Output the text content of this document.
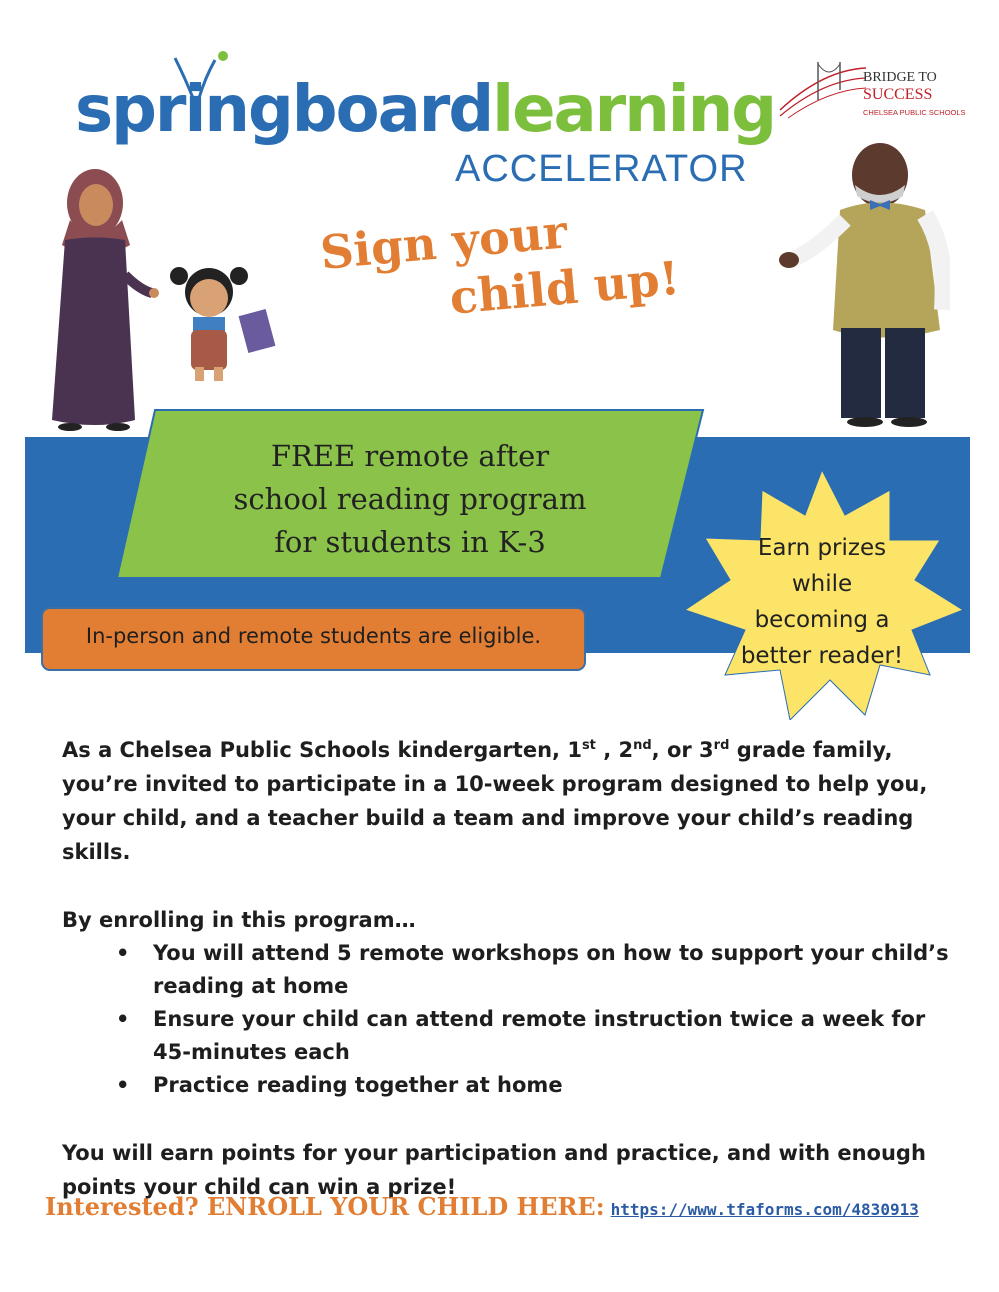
springboardlearning
ACCELERATOR
BRIDGE TO
SUCCESS
CHELSEA PUBLIC SCHOOLS
Sign your
child up!
FREE remote after
school reading program
for students in K-3
In-person and remote students are eligible.
Earn prizes
while
becoming a
better reader!

As a Chelsea Public Schools kindergarten, 1st , 2nd, or 3rd grade family, you’re invited to participate in a 10-week program designed to help you, your child, and a teacher build a team and improve your child’s reading skills.

By enrolling in this program…

• You will attend 5 remote workshops on how to support your child’s reading at home
• Ensure your child can attend remote instruction twice a week for 45-minutes each
• Practice reading together at home

You will earn points for your participation and practice, and with enough points your child can win a prize!

Interested? ENROLL YOUR CHILD HERE: https://www.tfaforms.com/4830913
